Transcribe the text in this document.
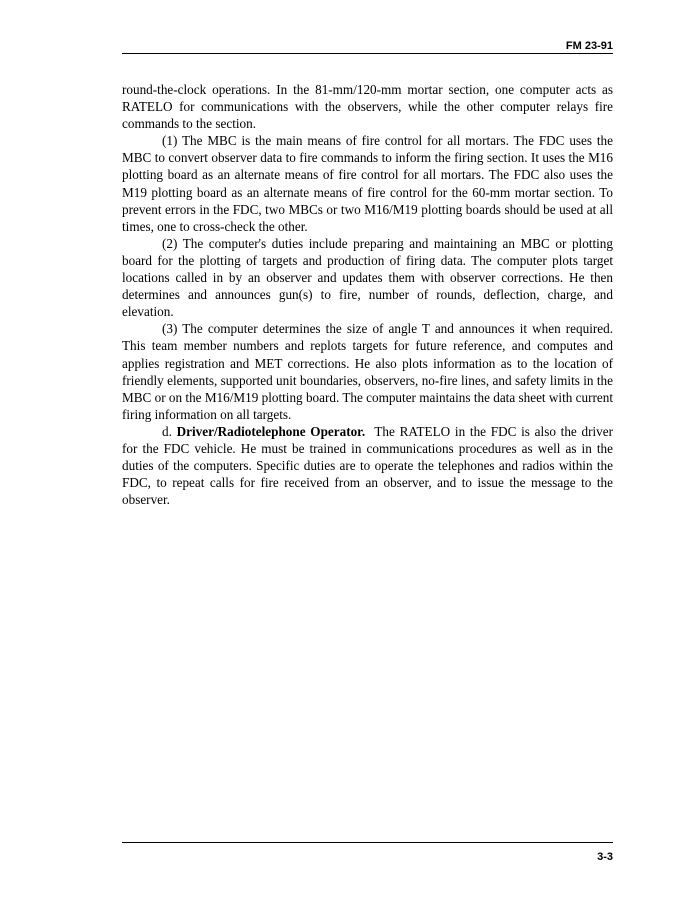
FM 23-91

round-the-clock operations. In the 81-mm/120-mm mortar section, one computer acts as RATELO for communications with the observers, while the other computer relays fire commands to the section.

(1) The MBC is the main means of fire control for all mortars. The FDC uses the MBC to convert observer data to fire commands to inform the firing section. It uses the M16 plotting board as an alternate means of fire control for all mortars. The FDC also uses the M19 plotting board as an alternate means of fire control for the 60-mm mortar section. To prevent errors in the FDC, two MBCs or two M16/M19 plotting boards should be used at all times, one to cross-check the other.

(2) The computer's duties include preparing and maintaining an MBC or plotting board for the plotting of targets and production of firing data. The computer plots target locations called in by an observer and updates them with observer corrections. He then determines and announces gun(s) to fire, number of rounds, deflection, charge, and elevation.

(3) The computer determines the size of angle T and announces it when required. This team member numbers and replots targets for future reference, and computes and applies registration and MET corrections. He also plots information as to the location of friendly elements, supported unit boundaries, observers, no-fire lines, and safety limits in the MBC or on the M16/M19 plotting board. The computer maintains the data sheet with current firing information on all targets.

d. Driver/Radiotelephone Operator. The RATELO in the FDC is also the driver for the FDC vehicle. He must be trained in communications procedures as well as in the duties of the computers. Specific duties are to operate the telephones and radios within the FDC, to repeat calls for fire received from an observer, and to issue the message to the observer.

3-3
